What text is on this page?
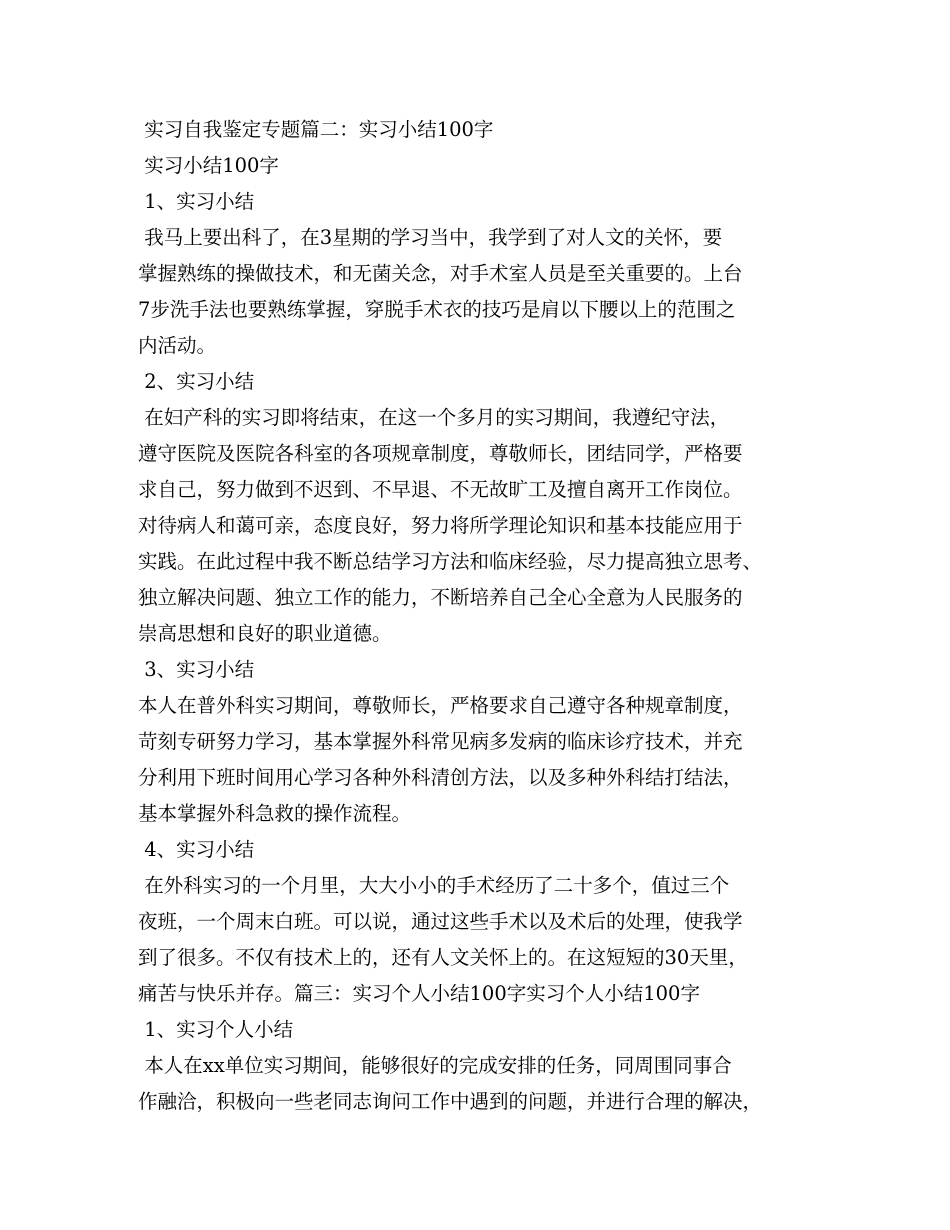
实习自我鉴定专题篇二：实习小结100字
实习小结100字
1、实习小结
我马上要出科了，在3星期的学习当中，我学到了对人文的关怀，要
掌握熟练的操做技术，和无菌关念，对手术室人员是至关重要的。上台
7步洗手法也要熟练掌握，穿脱手术衣的技巧是肩以下腰以上的范围之
内活动。
2、实习小结
在妇产科的实习即将结束，在这一个多月的实习期间，我遵纪守法，
遵守医院及医院各科室的各项规章制度，尊敬师长，团结同学，严格要
求自己，努力做到不迟到、不早退、不无故旷工及擅自离开工作岗位。
对待病人和蔼可亲，态度良好，努力将所学理论知识和基本技能应用于
实践。在此过程中我不断总结学习方法和临床经验，尽力提高独立思考、
独立解决问题、独立工作的能力，不断培养自己全心全意为人民服务的
崇高思想和良好的职业道德。
3、实习小结
本人在普外科实习期间，尊敬师长，严格要求自己遵守各种规章制度，
苛刻专研努力学习，基本掌握外科常见病多发病的临床诊疗技术，并充
分利用下班时间用心学习各种外科清创方法，以及多种外科结打结法，
基本掌握外科急救的操作流程。
4、实习小结
在外科实习的一个月里，大大小小的手术经历了二十多个，值过三个
夜班，一个周末白班。可以说，通过这些手术以及术后的处理，使我学
到了很多。不仅有技术上的，还有人文关怀上的。在这短短的30天里，
痛苦与快乐并存。篇三：实习个人小结100字实习个人小结100字
1、实习个人小结
本人在xx单位实习期间，能够很好的完成安排的任务，同周围同事合
作融洽，积极向一些老同志询问工作中遇到的问题，并进行合理的解决，
